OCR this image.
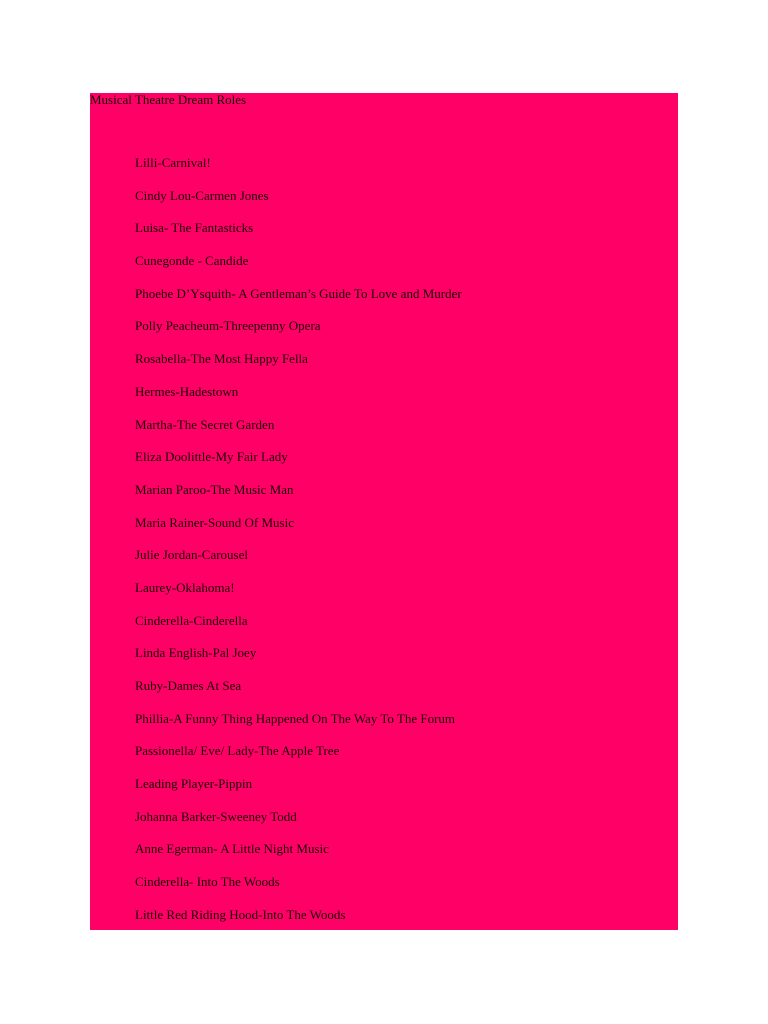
Musical Theatre Dream Roles
Lilli-Carnival!
Cindy Lou-Carmen Jones
Luisa- The Fantasticks
Cunegonde - Candide
Phoebe D’Ysquith- A Gentleman’s Guide To Love and Murder
Polly Peacheum-Threepenny Opera
Rosabella-The Most Happy Fella
Hermes-Hadestown
Martha-The Secret Garden
Eliza Doolittle-My Fair Lady
Marian Paroo-The Music Man
Maria Rainer-Sound Of Music
Julie Jordan-Carousel
Laurey-Oklahoma!
Cinderella-Cinderella
Linda English-Pal Joey
Ruby-Dames At Sea
Phillia-A Funny Thing Happened On The Way To The Forum
Passionella/ Eve/ Lady-The Apple Tree
Leading Player-Pippin
Johanna Barker-Sweeney Todd
Anne Egerman- A Little Night Music
Cinderella- Into The Woods
Little Red Riding Hood-Into The Woods
